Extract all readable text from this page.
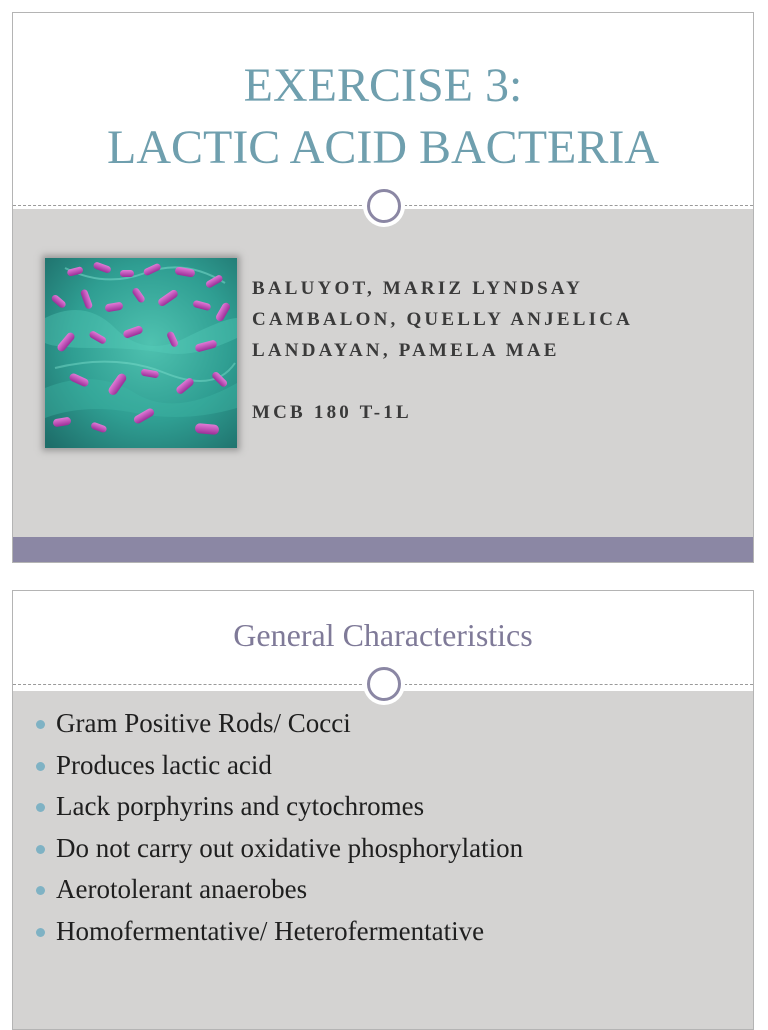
EXERCISE 3:
LACTIC ACID BACTERIA
BALUYOT, MARIZ LYNDSAY
CAMBALON, QUELLY ANJELICA
LANDAYAN, PAMELA MAE
MCB 180 T-1L
General Characteristics
Gram Positive Rods/ Cocci
Produces lactic acid
Lack porphyrins and cytochromes
Do not carry out oxidative phosphorylation
Aerotolerant anaerobes
Homofermentative/ Heterofermentative
